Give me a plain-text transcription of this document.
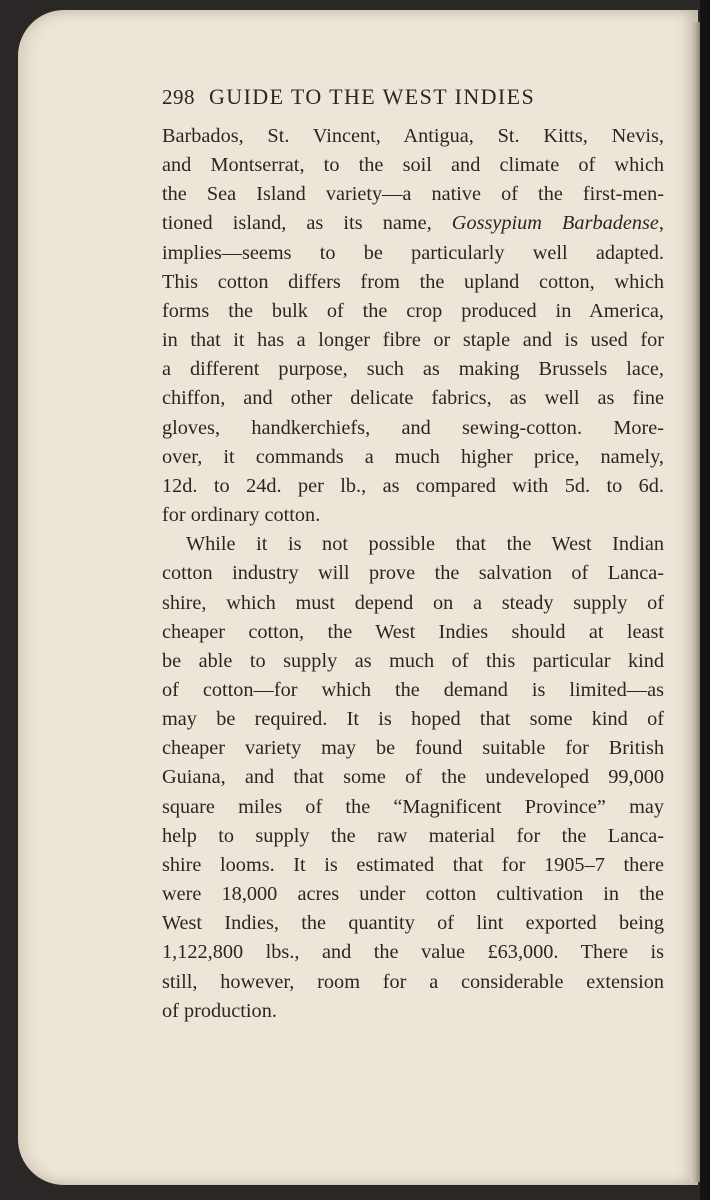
298 GUIDE TO THE WEST INDIES

Barbados, St. Vincent, Antigua, St. Kitts, Nevis,
and Montserrat, to the soil and climate of which
the Sea Island variety—a native of the first-men-
tioned island, as its name, Gossypium Barbadense,
implies—seems to be particularly well adapted.
This cotton differs from the upland cotton, which
forms the bulk of the crop produced in America,
in that it has a longer fibre or staple and is used for
a different purpose, such as making Brussels lace,
chiffon, and other delicate fabrics, as well as fine
gloves, handkerchiefs, and sewing-cotton. More-
over, it commands a much higher price, namely,
12d. to 24d. per lb., as compared with 5d. to 6d.
for ordinary cotton.

While it is not possible that the West Indian
cotton industry will prove the salvation of Lanca-
shire, which must depend on a steady supply of
cheaper cotton, the West Indies should at least
be able to supply as much of this particular kind
of cotton—for which the demand is limited—as
may be required. It is hoped that some kind of
cheaper variety may be found suitable for British
Guiana, and that some of the undeveloped 99,000
square miles of the “Magnificent Province” may
help to supply the raw material for the Lanca-
shire looms. It is estimated that for 1905–7 there
were 18,000 acres under cotton cultivation in the
West Indies, the quantity of lint exported being
1,122,800 lbs., and the value £63,000. There is
still, however, room for a considerable extension
of production.
